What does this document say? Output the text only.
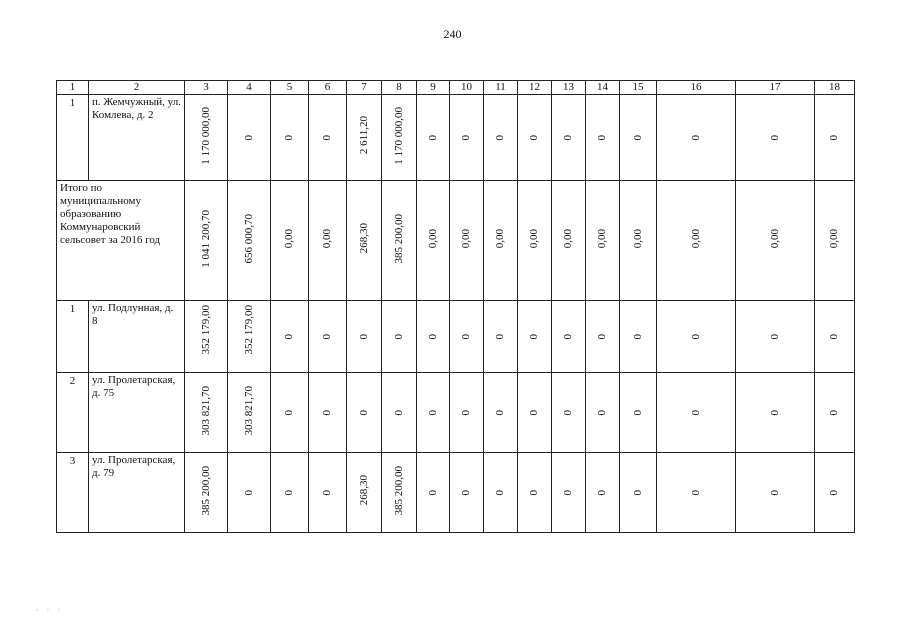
240
1	2	3	4	5	6	7	8	9	10	11	12	13	14	15	16	17	18
1	п. Жемчужный, ул. Комлева, д. 2	1 170 000,00	0	0	0	2 611,20	1 170 000,00	0	0	0	0	0	0	0	0	0	0
Итого по муниципальному образованию Коммунаровский сельсовет за 2016 год		1 041 200,70	656 000,70	0,00	0,00	268,30	385 200,00	0,00	0,00	0,00	0,00	0,00	0,00	0,00	0,00	0,00	0,00
1	ул. Подлунная, д. 8	352 179,00	352 179,00	0	0	0	0	0	0	0	0	0	0	0	0	0	0
2	ул. Пролетарская, д. 75	303 821,70	303 821,70	0	0	0	0	0	0	0	0	0	0	0	0	0	0
3	ул. Пролетарская, д. 79	385 200,00	0	0	0	268,30	385 200,00	0	0	0	0	0	0	0	0	0	0
· · ·
